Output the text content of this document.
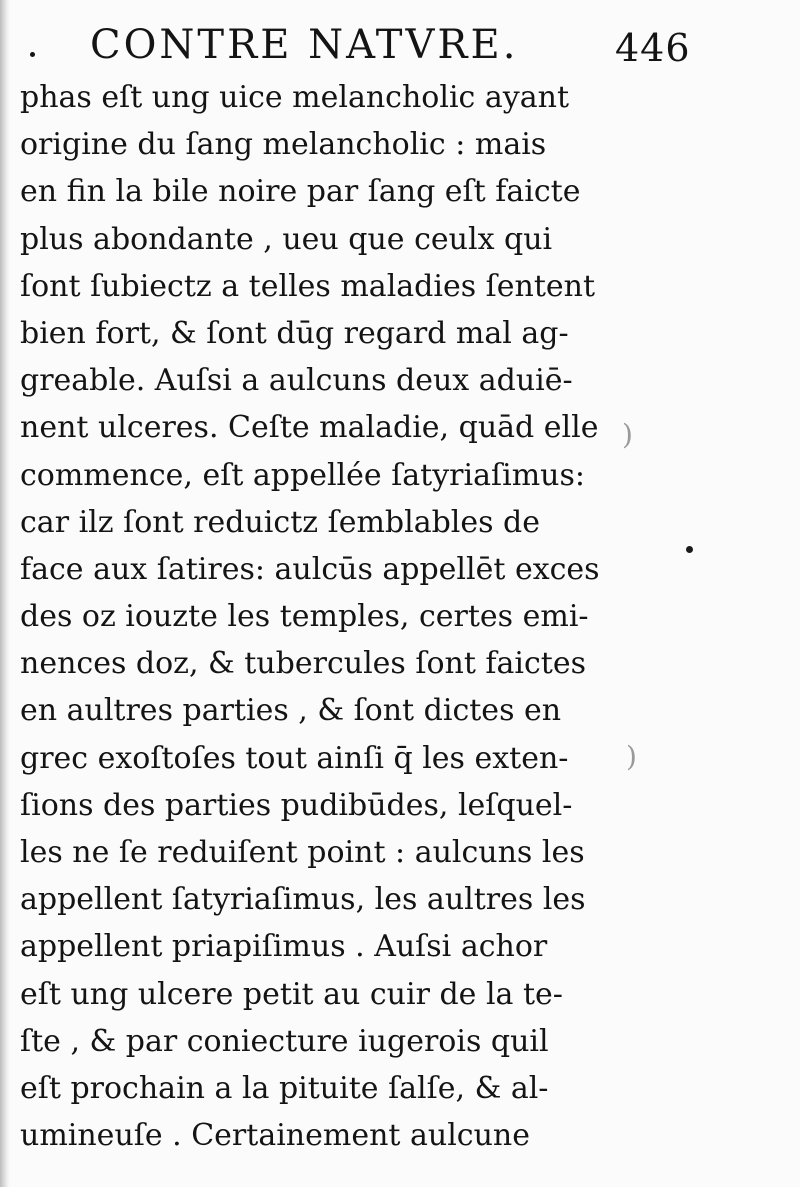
CONTRE NATVRE.	446
phas eſt ung uice melancholic ayant
origine du ſang melancholic : mais
en fin la bile noire par ſang eſt faicte
plus abondante , ueu que ceulx qui
ſont ſubiectz a telles maladies ſentent
bien fort, & ſont dūg regard mal ag-
greable. Auſsi a aulcuns deux aduiē-
nent ulceres. Ceſte maladie, quād elle
commence, eſt appellée ſatyriaſimus:
car ilz ſont reduictz ſemblables de
face aux ſatires: aulcūs appellēt exces
des oz iouzte les temples, certes emi-
nences doz, & tubercules ſont faictes
en aultres parties , & ſont dictes en
grec exoſtoſes tout ainſi q̄ les exten-
ſions des parties pudibūdes, leſquel-
les ne ſe reduiſent point : aulcuns les
appellent ſatyriaſimus, les aultres les
appellent priapiſimus . Auſsi achor
eſt ung ulcere petit au cuir de la te-
ſte , & par coniecture iugerois quil
eſt prochain a la pituite ſalſe, & al-
umineuſe . Certainement aulcune
)
)
